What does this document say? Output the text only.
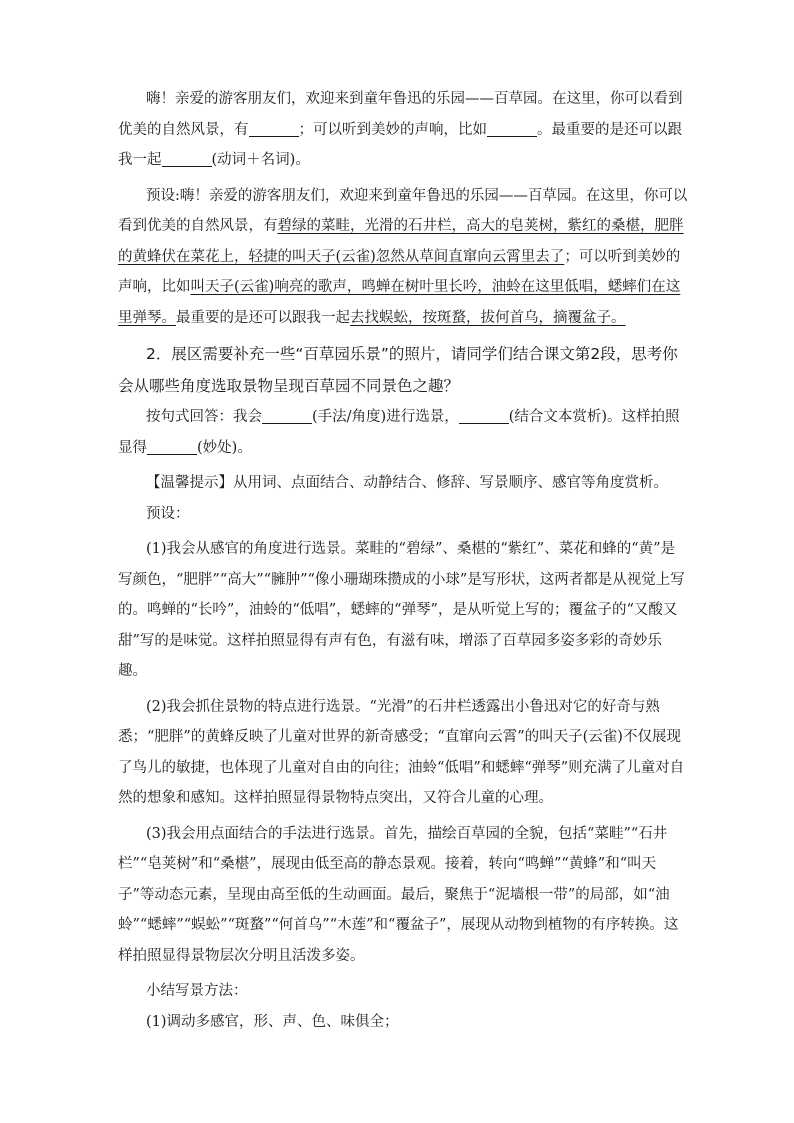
嗨！亲爱的游客朋友们，欢迎来到童年鲁迅的乐园——百草园。在这里，你可以看到优美的自然风景，有	；可以听到美妙的声响，比如	。最重要的是还可以跟我一起	(动词＋名词)。

预设:嗨！亲爱的游客朋友们，欢迎来到童年鲁迅的乐园——百草园。在这里，你可以看到优美的自然风景，有碧绿的菜畦，光滑的石井栏，高大的皂荚树，紫红的桑椹，肥胖的黄蜂伏在菜花上，轻捷的叫天子(云雀)忽然从草间直窜向云霄里去了；可以听到美妙的声响，比如叫天子(云雀)响亮的歌声，鸣蝉在树叶里长吟，油蛉在这里低唱，蟋蟀们在这里弹琴。最重要的是还可以跟我一起去找蜈蚣，按斑蝥，拔何首乌，摘覆盆子。

2．展区需要补充一些“百草园乐景”的照片，请同学们结合课文第2段，思考你会从哪些角度选取景物呈现百草园不同景色之趣？

按句式回答：我会	(手法/角度)进行选景，	(结合文本赏析)。这样拍照显得	(妙处)。

【温馨提示】从用词、点面结合、动静结合、修辞、写景顺序、感官等角度赏析。

预设：

(1)我会从感官的角度进行选景。菜畦的“碧绿”、桑椹的“紫红”、菜花和蜂的“黄”是写颜色，“肥胖”“高大”“臃肿”“像小珊瑚珠攒成的小球”是写形状，这两者都是从视觉上写的。鸣蝉的“长吟”，油蛉的“低唱”，蟋蟀的“弹琴”，是从听觉上写的；覆盆子的“又酸又甜”写的是味觉。这样拍照显得有声有色，有滋有味，增添了百草园多姿多彩的奇妙乐趣。

(2)我会抓住景物的特点进行选景。“光滑”的石井栏透露出小鲁迅对它的好奇与熟悉；“肥胖”的黄蜂反映了儿童对世界的新奇感受；“直窜向云霄”的叫天子(云雀)不仅展现了鸟儿的敏捷，也体现了儿童对自由的向往；油蛉“低唱”和蟋蟀“弹琴”则充满了儿童对自然的想象和感知。这样拍照显得景物特点突出，又符合儿童的心理。

(3)我会用点面结合的手法进行选景。首先，描绘百草园的全貌，包括“菜畦”“石井栏”“皂荚树”和“桑椹”，展现由低至高的静态景观。接着，转向“鸣蝉”“黄蜂”和“叫天子”等动态元素，呈现由高至低的生动画面。最后，聚焦于“泥墙根一带”的局部，如“油蛉”“蟋蟀”“蜈蚣”“斑蝥”“何首乌”“木莲”和“覆盆子”，展现从动物到植物的有序转换。这样拍照显得景物层次分明且活泼多姿。

小结写景方法：

(1)调动多感官，形、声、色、味俱全；
